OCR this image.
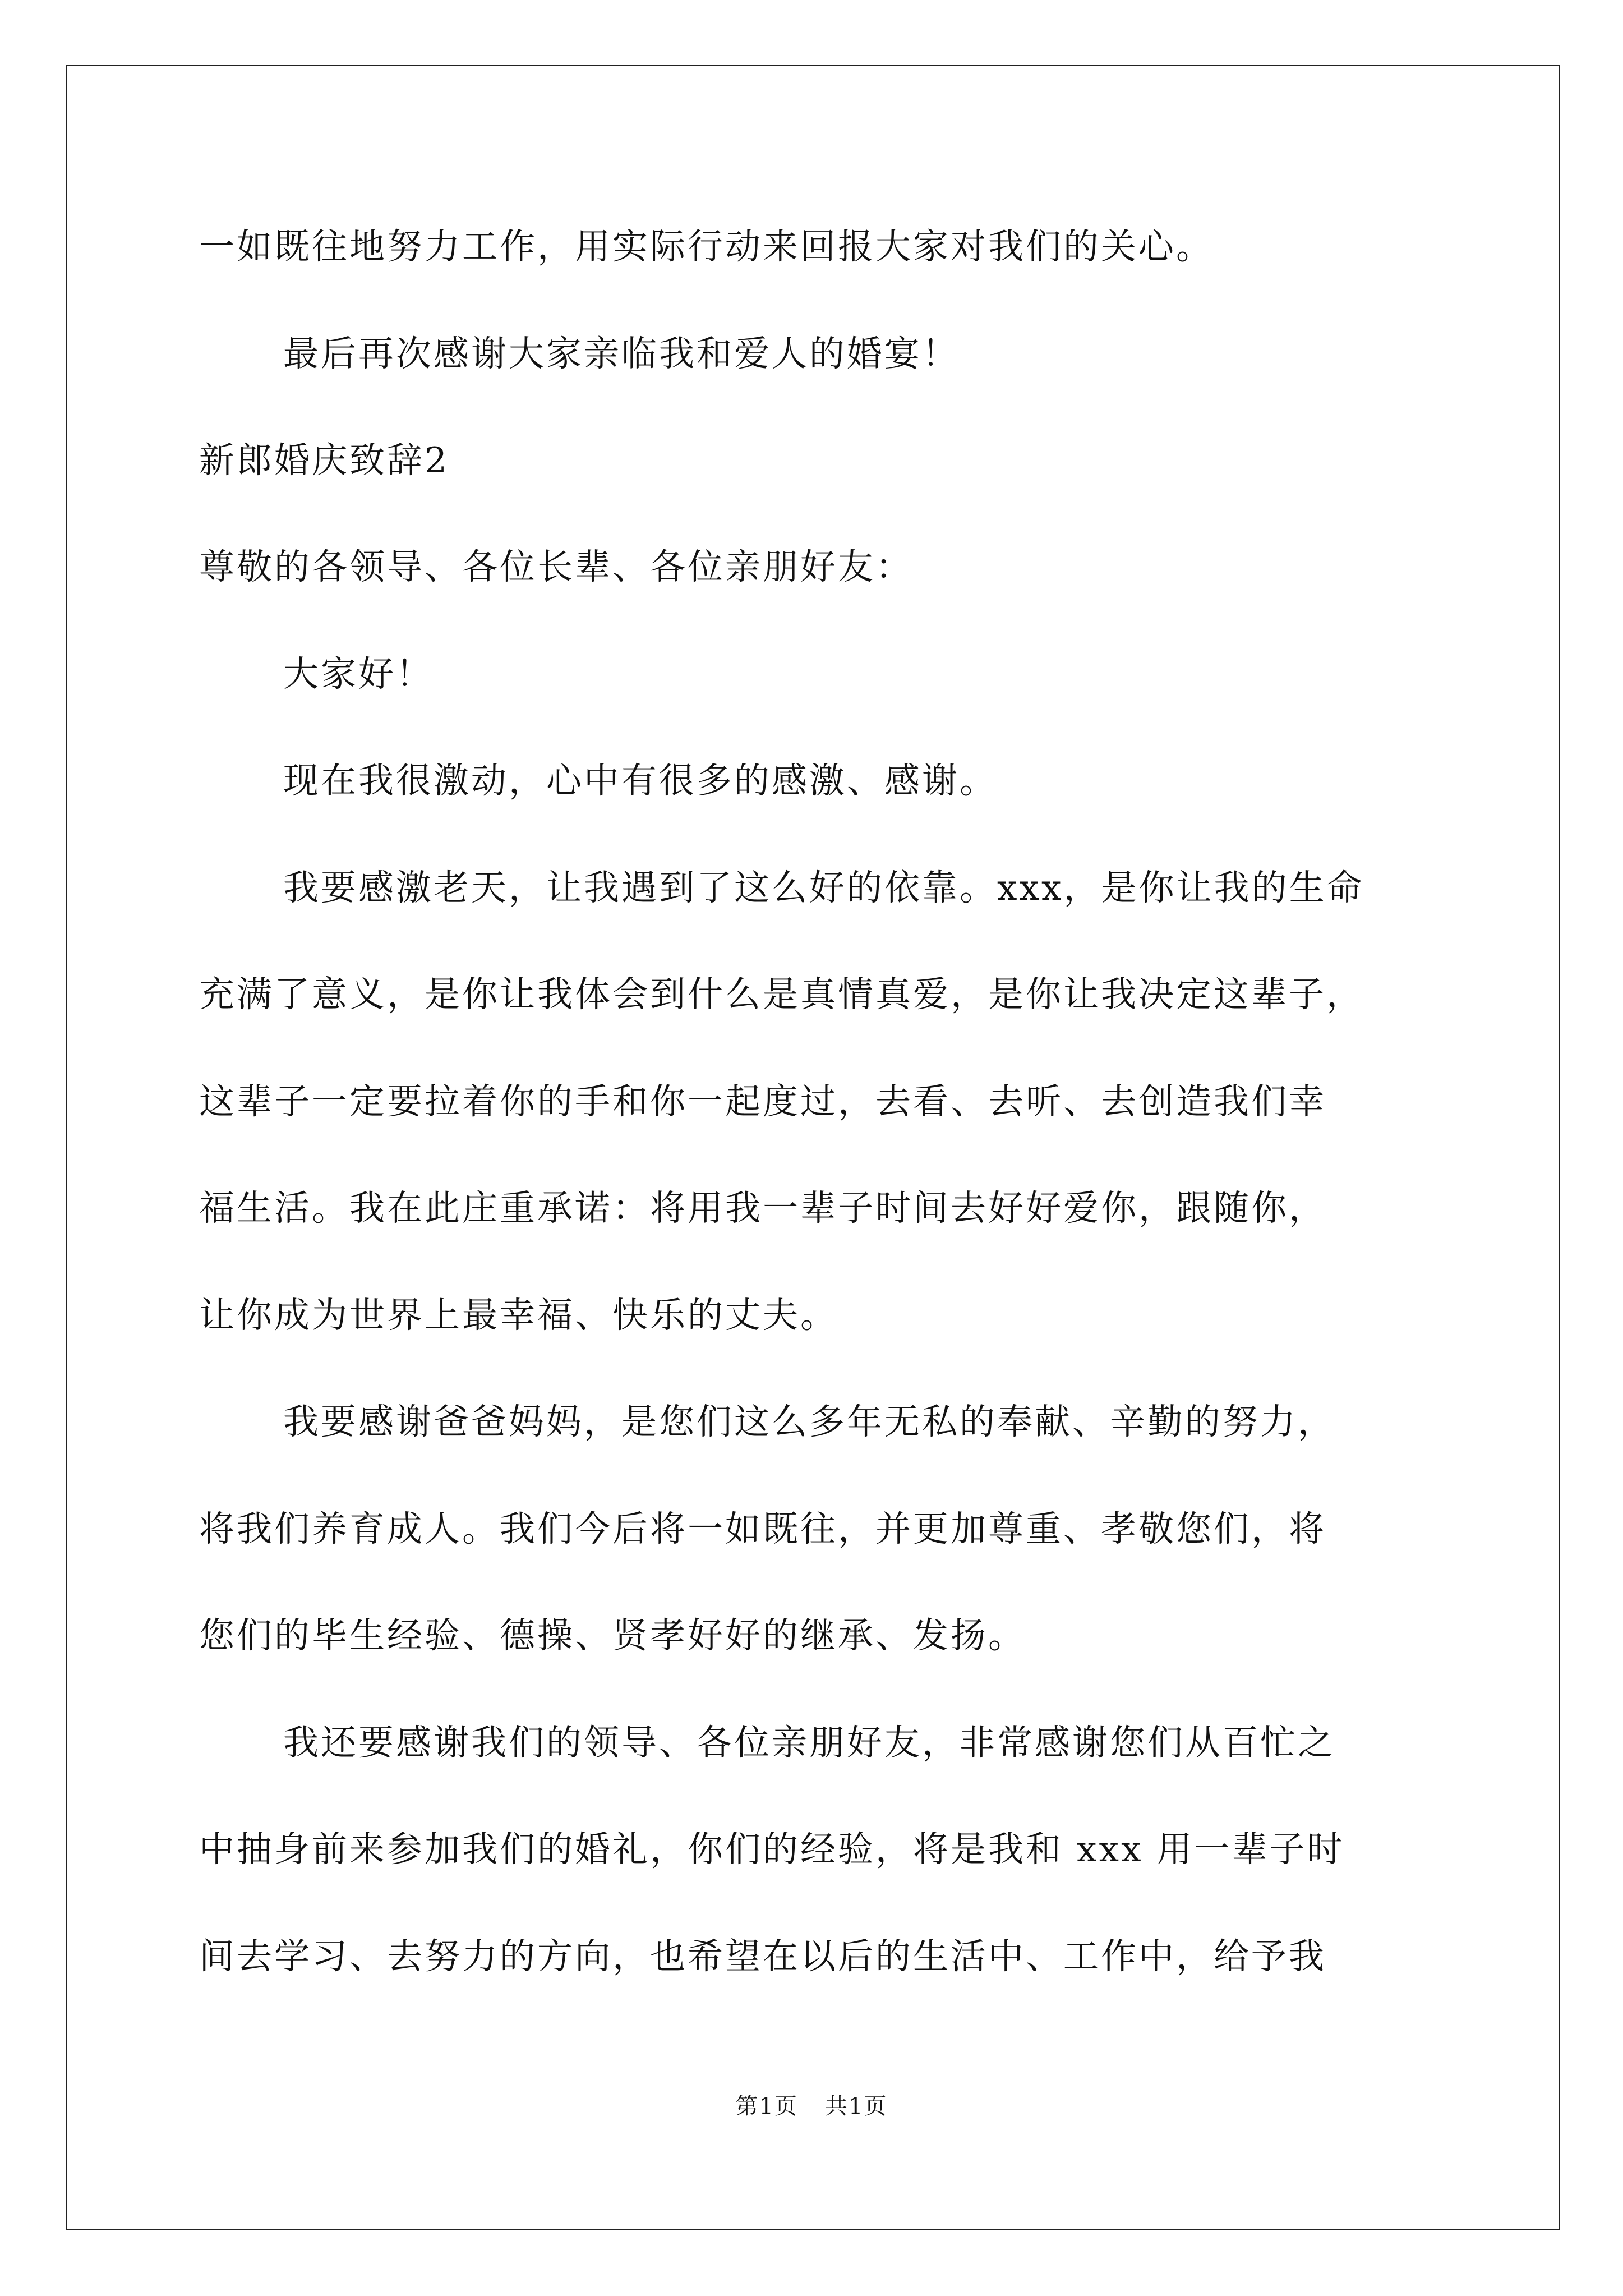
一如既往地努力工作，用实际行动来回报大家对我们的关心。
最后再次感谢大家亲临我和爱人的婚宴！
新郎婚庆致辞2
尊敬的各领导、各位长辈、各位亲朋好友：
大家好！
现在我很激动，心中有很多的感激、感谢。
我要感激老天，让我遇到了这么好的依靠。xxx，是你让我的生命
充满了意义，是你让我体会到什么是真情真爱，是你让我决定这辈子，
这辈子一定要拉着你的手和你一起度过，去看、去听、去创造我们幸
福生活。我在此庄重承诺：将用我一辈子时间去好好爱你，跟随你，
让你成为世界上最幸福、快乐的丈夫。
我要感谢爸爸妈妈，是您们这么多年无私的奉献、辛勤的努力，
将我们养育成人。我们今后将一如既往，并更加尊重、孝敬您们，将
您们的毕生经验、德操、贤孝好好的继承、发扬。
我还要感谢我们的领导、各位亲朋好友，非常感谢您们从百忙之
中抽身前来参加我们的婚礼，你们的经验，将是我和 xxx 用一辈子时
间去学习、去努力的方向，也希望在以后的生活中、工作中，给予我
第1页 共1页
